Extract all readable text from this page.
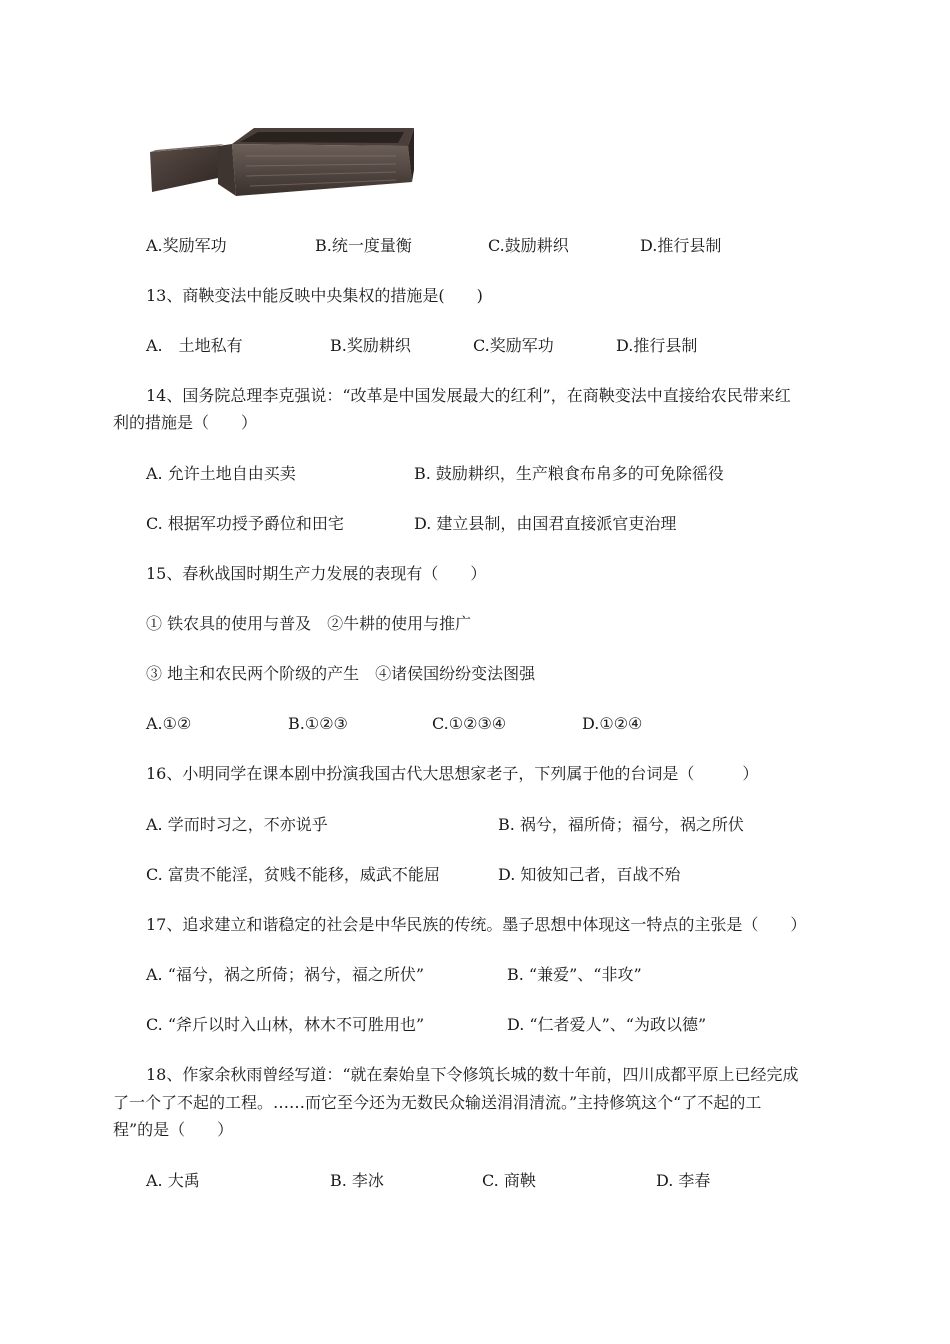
A.奖励军功	B.统一度量衡	C.鼓励耕织	D.推行县制
13、商鞅变法中能反映中央集权的措施是(　　)
A.　土地私有	B.奖励耕织	C.奖励军功	D.推行县制
14、国务院总理李克强说：“改革是中国发展最大的红利”，在商鞅变法中直接给农民带来红
利的措施是（　　）
A. 允许土地自由买卖	B. 鼓励耕织，生产粮食布帛多的可免除徭役
C. 根据军功授予爵位和田宅	D. 建立县制，由国君直接派官吏治理
15、春秋战国时期生产力发展的表现有（　　）
① 铁农具的使用与普及　②牛耕的使用与推广
③ 地主和农民两个阶级的产生　④诸侯国纷纷变法图强
A.①②	B.①②③	C.①②③④	D.①②④
16、小明同学在课本剧中扮演我国古代大思想家老子，下列属于他的台词是（　　　）
A. 学而时习之，不亦说乎	B. 祸兮，福所倚；福兮，祸之所伏
C. 富贵不能淫，贫贱不能移，威武不能屈	D. 知彼知己者，百战不殆
17、追求建立和谐稳定的社会是中华民族的传统。墨子思想中体现这一特点的主张是（　　）
A. “福兮，祸之所倚；祸兮，福之所伏”	B. “兼爱”、“非攻”
C. “斧斤以时入山林，林木不可胜用也”	D. “仁者爱人”、“为政以德”
18、作家余秋雨曾经写道：“就在秦始皇下令修筑长城的数十年前，四川成都平原上已经完成
了一个了不起的工程。……而它至今还为无数民众输送涓涓清流。”主持修筑这个“了不起的工
程”的是（　　）
A. 大禹	B. 李冰	C. 商鞅	D. 李春
